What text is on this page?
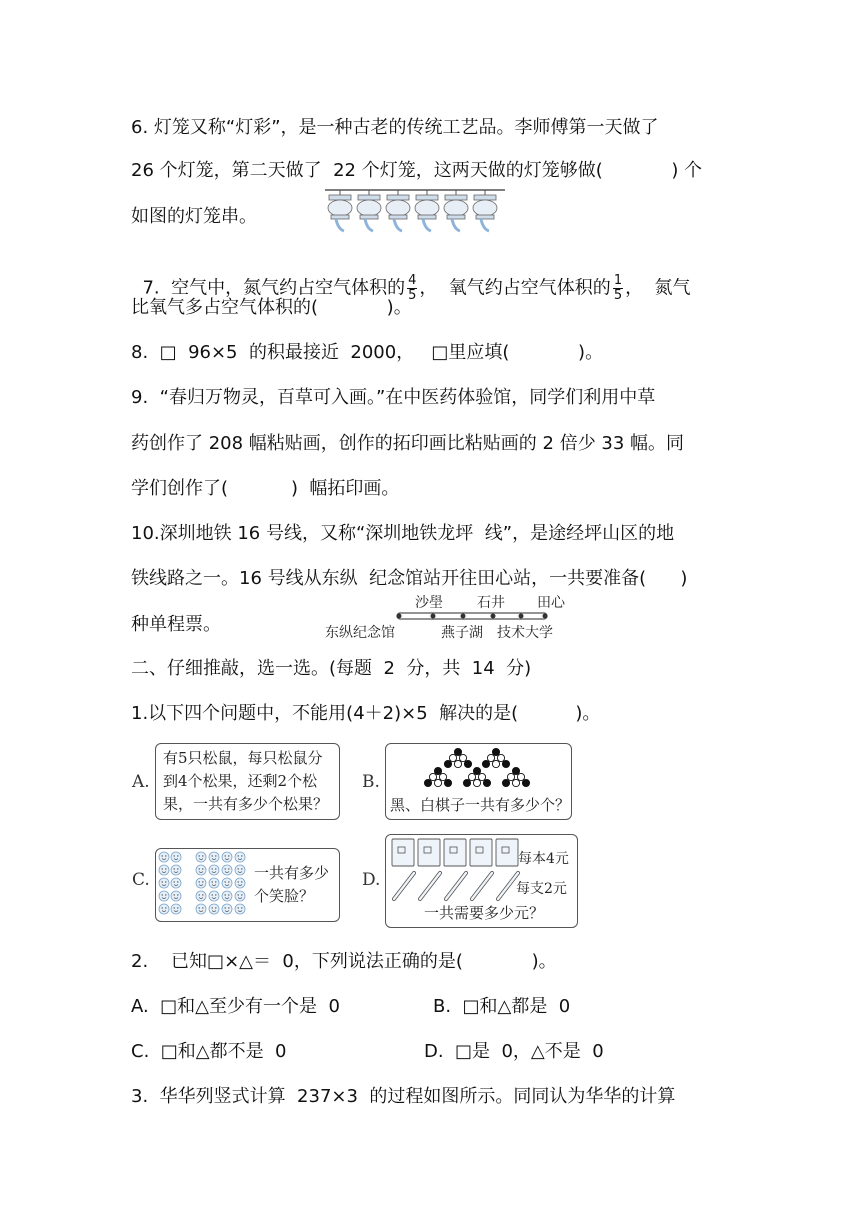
6. 灯笼又称“灯彩”，是一种古老的传统工艺品。李师傅第一天做了
26 个灯笼，第二天做了  22 个灯笼，这两天做的灯笼够做(            ) 个
如图的灯笼串。

7.  空气中，氮气约占空气体积的 $\frac{4}{5}$ ，  氧气约占空气体积的 $\frac{1}{5}$ ，  氮气

比氧气多占空气体积的(            )。
8.  □  96×5  的积最接近  2000，   □里应填(            )。
9.  “春归万物灵，百草可入画。”在中医药体验馆，同学们利用中草
药创作了 208 幅粘贴画，创作的拓印画比粘贴画的 2 倍少 33 幅。同
学们创作了(           )  幅拓印画。
10.深圳地铁 16 号线，又称“深圳地铁龙坪  线”，是途经坪山区的地
铁线路之一。16 号线从东纵  纪念馆站开往田心站，一共要准备(      )
种单程票。
沙壆 石井 田心
东纵纪念馆	燕子湖 技术大学
二、仔细推敲，选一选。(每题  2  分，共  14  分)
1.以下四个问题中，不能用(4＋2)×5  解决的是(          )。
A.
有5只松鼠，每只松鼠分
到4个松果，还剩2个松
果，一共有多少个松果？
B.
黑、白棋子一共有多少个？
C.	一共有多少
个笑脸？
D.
每本4元
每支2元
一共需要多少元？
2.    已知□×△＝  0，下列说法正确的是(            )。
A.  □和△至少有一个是  0	B.  □和△都是  0
C.  □和△都不是  0	D.  □是  0，△不是  0
3.  华华列竖式计算  237×3  的过程如图所示。同同认为华华的计算
